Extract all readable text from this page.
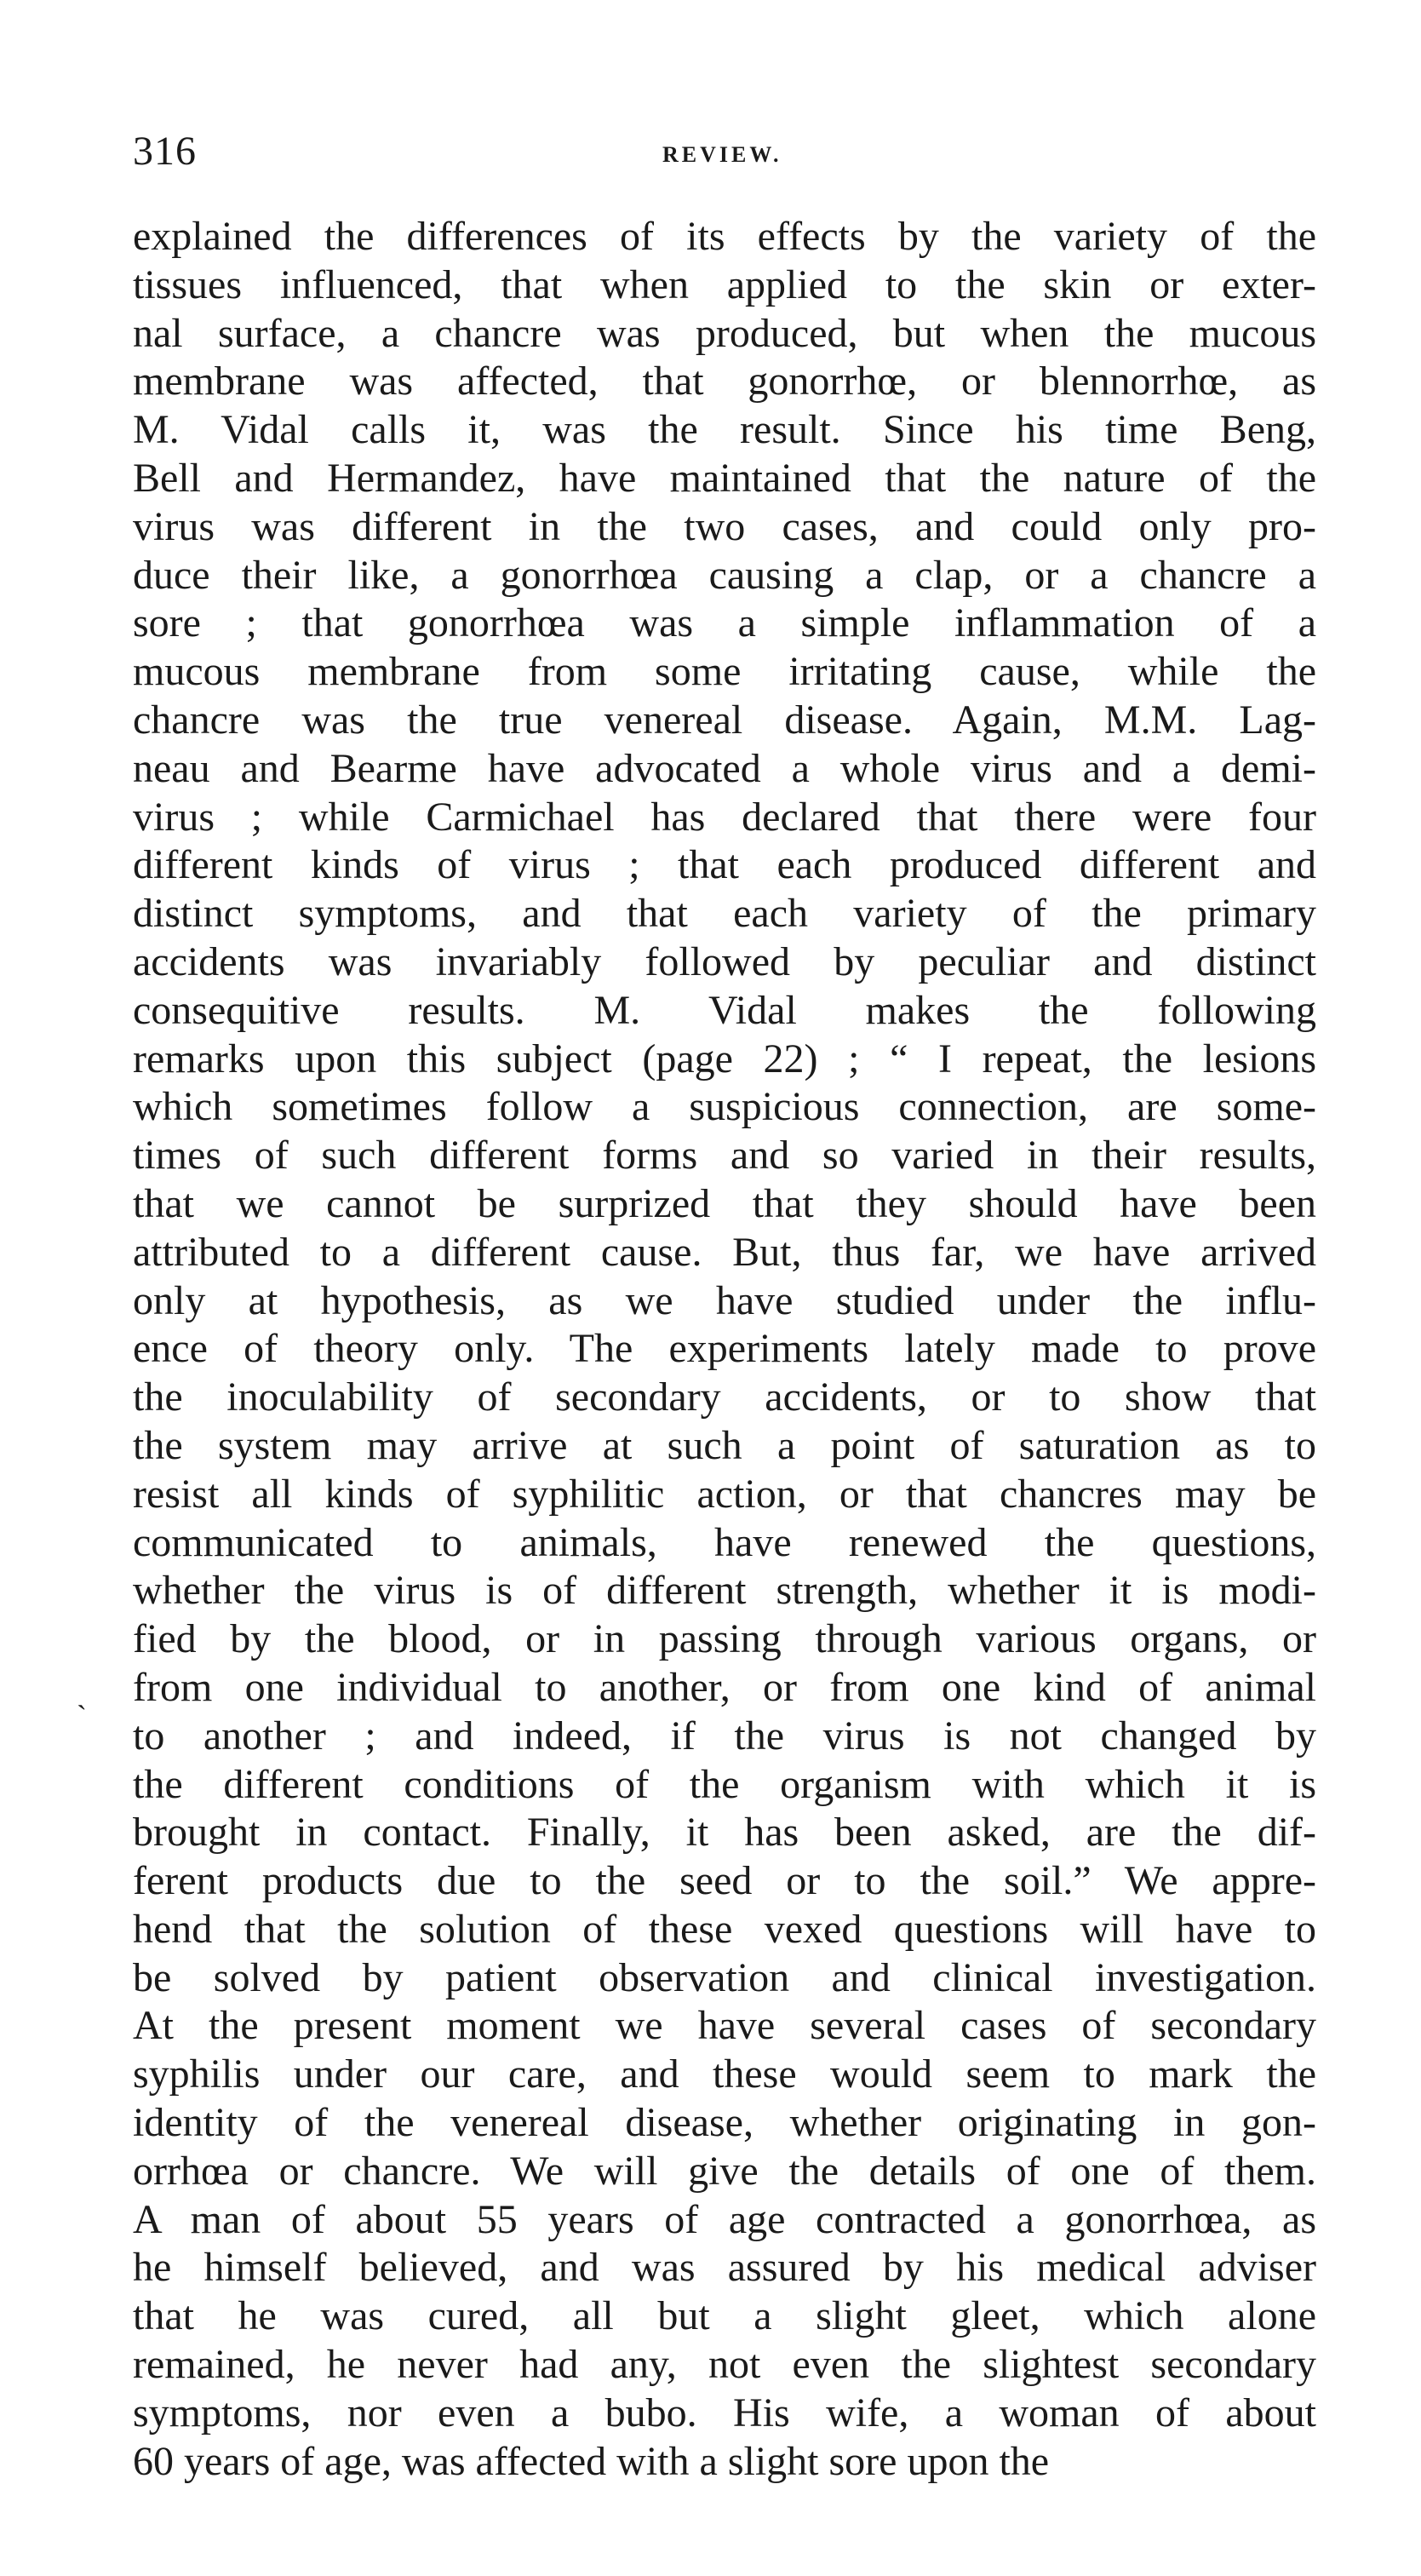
316	REVIEW.
`
explained the differences of its effects by the variety of the
tissues influenced, that when applied to the skin or exter-
nal surface, a chancre was produced, but when the mucous
membrane was affected, that gonorrhœ, or blennorrhœ, as
M. Vidal calls it, was the result. Since his time Beng,
Bell and Hermandez, have maintained that the nature of the
virus was different in the two cases, and could only pro-
duce their like, a gonorrhœa causing a clap, or a chancre a
sore ; that gonorrhœa was a simple inflammation of a
mucous membrane from some irritating cause, while the
chancre was the true venereal disease. Again, M.M. Lag-
neau and Bearme have advocated a whole virus and a demi-
virus ; while Carmichael has declared that there were four
different kinds of virus ; that each produced different and
distinct symptoms, and that each variety of the primary
accidents was invariably followed by peculiar and distinct
consequitive results. M. Vidal makes the following
remarks upon this subject (page 22) ; “ I repeat, the lesions
which sometimes follow a suspicious connection, are some-
times of such different forms and so varied in their results,
that we cannot be surprized that they should have been
attributed to a different cause. But, thus far, we have arrived
only at hypothesis, as we have studied under the influ-
ence of theory only. The experiments lately made to prove
the inoculability of secondary accidents, or to show that
the system may arrive at such a point of saturation as to
resist all kinds of syphilitic action, or that chancres may be
communicated to animals, have renewed the questions,
whether the virus is of different strength, whether it is modi-
fied by the blood, or in passing through various organs, or
from one individual to another, or from one kind of animal
to another ; and indeed, if the virus is not changed by
the different conditions of the organism with which it is
brought in contact. Finally, it has been asked, are the dif-
ferent products due to the seed or to the soil.” We appre-
hend that the solution of these vexed questions will have to
be solved by patient observation and clinical investigation.
At the present moment we have several cases of secondary
syphilis under our care, and these would seem to mark the
identity of the venereal disease, whether originating in gon-
orrhœa or chancre. We will give the details of one of them.
A man of about 55 years of age contracted a gonorrhœa, as
he himself believed, and was assured by his medical adviser
that he was cured, all but a slight gleet, which alone
remained, he never had any, not even the slightest secondary
symptoms, nor even a bubo. His wife, a woman of about
60 years of age, was affected with a slight sore upon the
